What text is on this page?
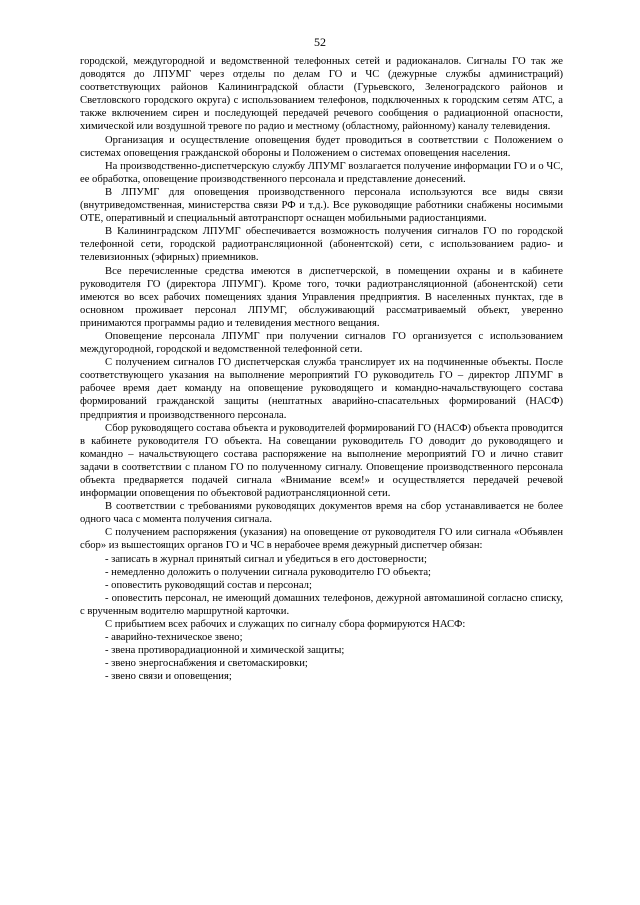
52

городской, междугородной и ведомственной телефонных сетей и радиоканалов. Сигналы ГО так же доводятся до ЛПУМГ через отделы по делам ГО и ЧС (дежурные службы администраций) соответствующих районов Калининградской области (Гурьевского, Зеленоградского районов и Светловского городского округа) с использованием телефонов, подключенных к городским сетям АТС, а также включением сирен и последующей передачей речевого сообщения о радиационной опасности, химической или воздушной тревоге по радио и местному (областному, районному) каналу телевидения.

Организация и осуществление оповещения будет проводиться в соответствии с Положением о системах оповещения гражданской обороны и Положением о системах оповещения населения.

На производственно-диспетчерскую службу ЛПУМГ возлагается получение информации ГО и о ЧС, ее обработка, оповещение производственного персонала и представление донесений.

В ЛПУМГ для оповещения производственного персонала используются все виды связи (внутриведомственная, министерства связи РФ и т.д.). Все руководящие работники снабжены носимыми ОТЕ, оперативный и специальный автотранспорт оснащен мобильными радиостанциями.

В Калининградском ЛПУМГ обеспечивается возможность получения сигналов ГО по городской телефонной сети, городской радиотрансляционной (абонентской) сети, с использованием радио- и телевизионных (эфирных) приемников.

Все перечисленные средства имеются в диспетчерской, в помещении охраны и в кабинете руководителя ГО (директора ЛПУМГ). Кроме того, точки радиотрансляционной (абонентской) сети имеются во всех рабочих помещениях здания Управления предприятия. В населенных пунктах, где в основном проживает персонал ЛПУМГ, обслуживающий рассматриваемый объект, уверенно принимаются программы радио и телевидения местного вещания.

Оповещение персонала ЛПУМГ при получении сигналов ГО организуется с использованием междугородной, городской и ведомственной телефонной сети.

С получением сигналов ГО диспетчерская служба транслирует их на подчиненные объекты. После соответствующего указания на выполнение мероприятий ГО руководитель ГО – директор ЛПУМГ в рабочее время дает команду на оповещение руководящего и командно-начальствующего состава формирований гражданской защиты (нештатных аварийно-спасательных формирований (НАСФ) предприятия и производственного персонала.

Сбор руководящего состава объекта и руководителей формирований ГО (НАСФ) объекта проводится в кабинете руководителя ГО объекта. На совещании руководитель ГО доводит до руководящего и командно – начальствующего состава распоряжение на выполнение мероприятий ГО и лично ставит задачи в соответствии с планом ГО по полученному сигналу. Оповещение производственного персонала объекта предваряется подачей сигнала «Внимание всем!» и осуществляется передачей речевой информации оповещения по объектовой радиотрансляционной сети.

В соответствии с требованиями руководящих документов время на сбор устанавливается не более одного часа с момента получения сигнала.

С получением распоряжения (указания) на оповещение от руководителя ГО или сигнала «Объявлен сбор» из вышестоящих органов ГО и ЧС в нерабочее время дежурный диспетчер обязан:

- записать в журнал принятый сигнал и убедиться в его достоверности;

- немедленно доложить о получении сигнала руководителю ГО объекта;

- оповестить руководящий состав и персонал;

- оповестить персонал, не имеющий домашних телефонов, дежурной автомашиной согласно списку, с врученным водителю маршрутной карточки.

С прибытием всех рабочих и служащих по сигналу сбора формируются НАСФ:

- аварийно-техническое звено;

- звена противорадиационной и химической защиты;

- звено энергоснабжения и светомаскировки;

- звено связи и оповещения;
